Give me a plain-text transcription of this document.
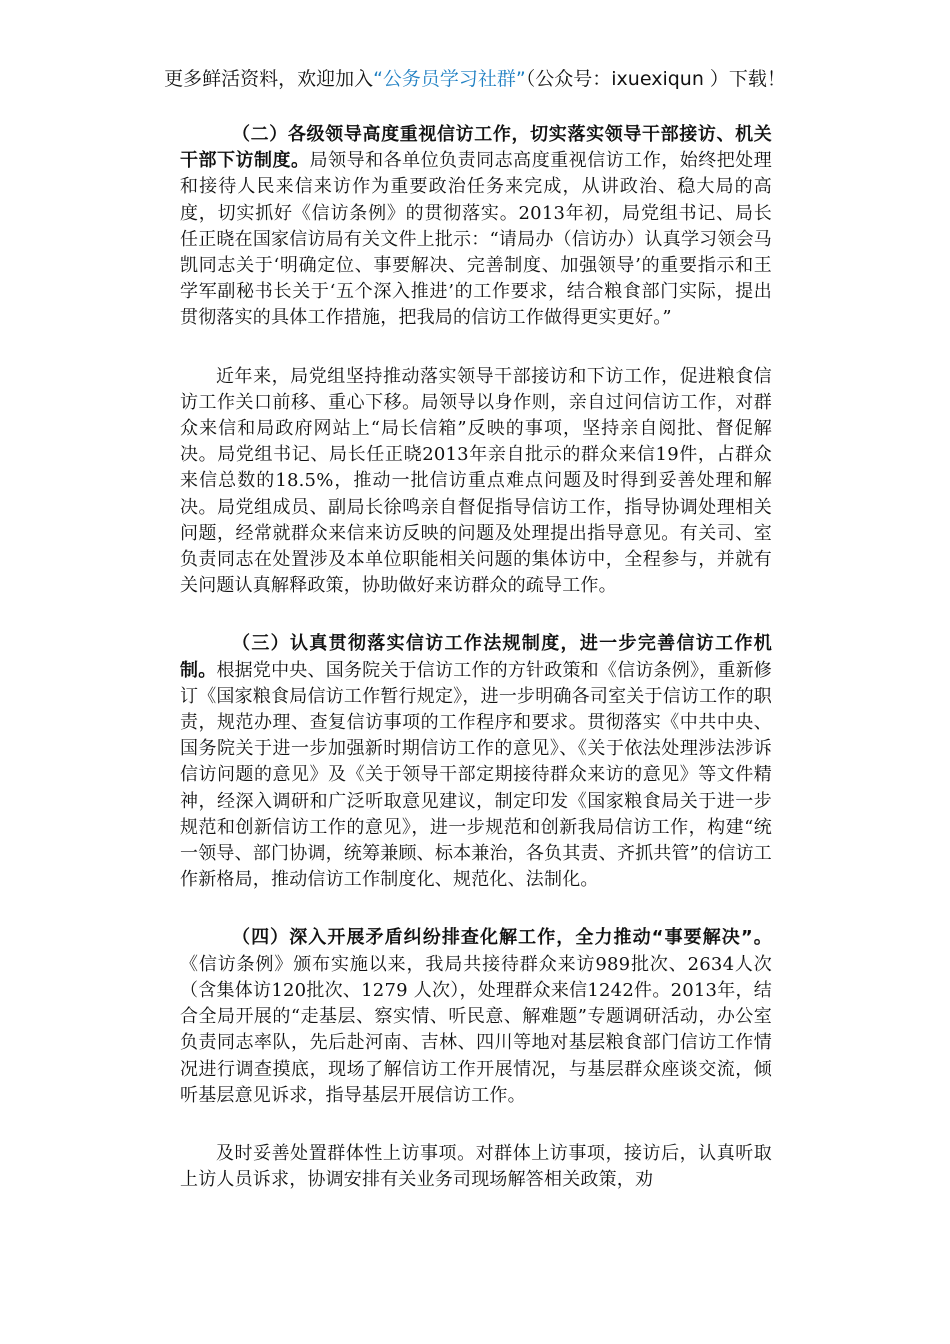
更多鲜活资料，欢迎加入“公务员学习社群”（公众号：ixuexiqun ）下载！

（二）各级领导高度重视信访工作，切实落实领导干部接访、机关干部下访制度。局领导和各单位负责同志高度重视信访工作，始终把处理和接待人民来信来访作为重要政治任务来完成，从讲政治、稳大局的高度，切实抓好《信访条例》的贯彻落实。2013年初，局党组书记、局长任正晓在国家信访局有关文件上批示：“请局办（信访办）认真学习领会马凯同志关于‘明确定位、事要解决、完善制度、加强领导’的重要指示和王学军副秘书长关于‘五个深入推进’的工作要求，结合粮食部门实际，提出贯彻落实的具体工作措施，把我局的信访工作做得更实更好。”

近年来，局党组坚持推动落实领导干部接访和下访工作，促进粮食信访工作关口前移、重心下移。局领导以身作则，亲自过问信访工作，对群众来信和局政府网站上“局长信箱”反映的事项，坚持亲自阅批、督促解决。局党组书记、局长任正晓2013年亲自批示的群众来信19件，占群众来信总数的18.5%，推动一批信访重点难点问题及时得到妥善处理和解决。局党组成员、副局长徐鸣亲自督促指导信访工作，指导协调处理相关问题，经常就群众来信来访反映的问题及处理提出指导意见。有关司、室负责同志在处置涉及本单位职能相关问题的集体访中，全程参与，并就有关问题认真解释政策，协助做好来访群众的疏导工作。

（三）认真贯彻落实信访工作法规制度，进一步完善信访工作机制。根据党中央、国务院关于信访工作的方针政策和《信访条例》，重新修订《国家粮食局信访工作暂行规定》，进一步明确各司室关于信访工作的职责，规范办理、查复信访事项的工作程序和要求。贯彻落实《中共中央、国务院关于进一步加强新时期信访工作的意见》、《关于依法处理涉法涉诉信访问题的意见》及《关于领导干部定期接待群众来访的意见》等文件精神，经深入调研和广泛听取意见建议，制定印发《国家粮食局关于进一步规范和创新信访工作的意见》，进一步规范和创新我局信访工作，构建“统一领导、部门协调，统筹兼顾、标本兼治，各负其责、齐抓共管”的信访工作新格局，推动信访工作制度化、规范化、法制化。

（四）深入开展矛盾纠纷排查化解工作，全力推动“事要解决”。《信访条例》颁布实施以来，我局共接待群众来访989批次、2634人次（含集体访120批次、1279 人次），处理群众来信1242件。2013年，结合全局开展的“走基层、察实情、听民意、解难题”专题调研活动，办公室负责同志率队，先后赴河南、吉林、四川等地对基层粮食部门信访工作情况进行调查摸底，现场了解信访工作开展情况，与基层群众座谈交流，倾听基层意见诉求，指导基层开展信访工作。

及时妥善处置群体性上访事项。对群体上访事项，接访后，认真听取上访人员诉求，协调安排有关业务司现场解答相关政策，劝
